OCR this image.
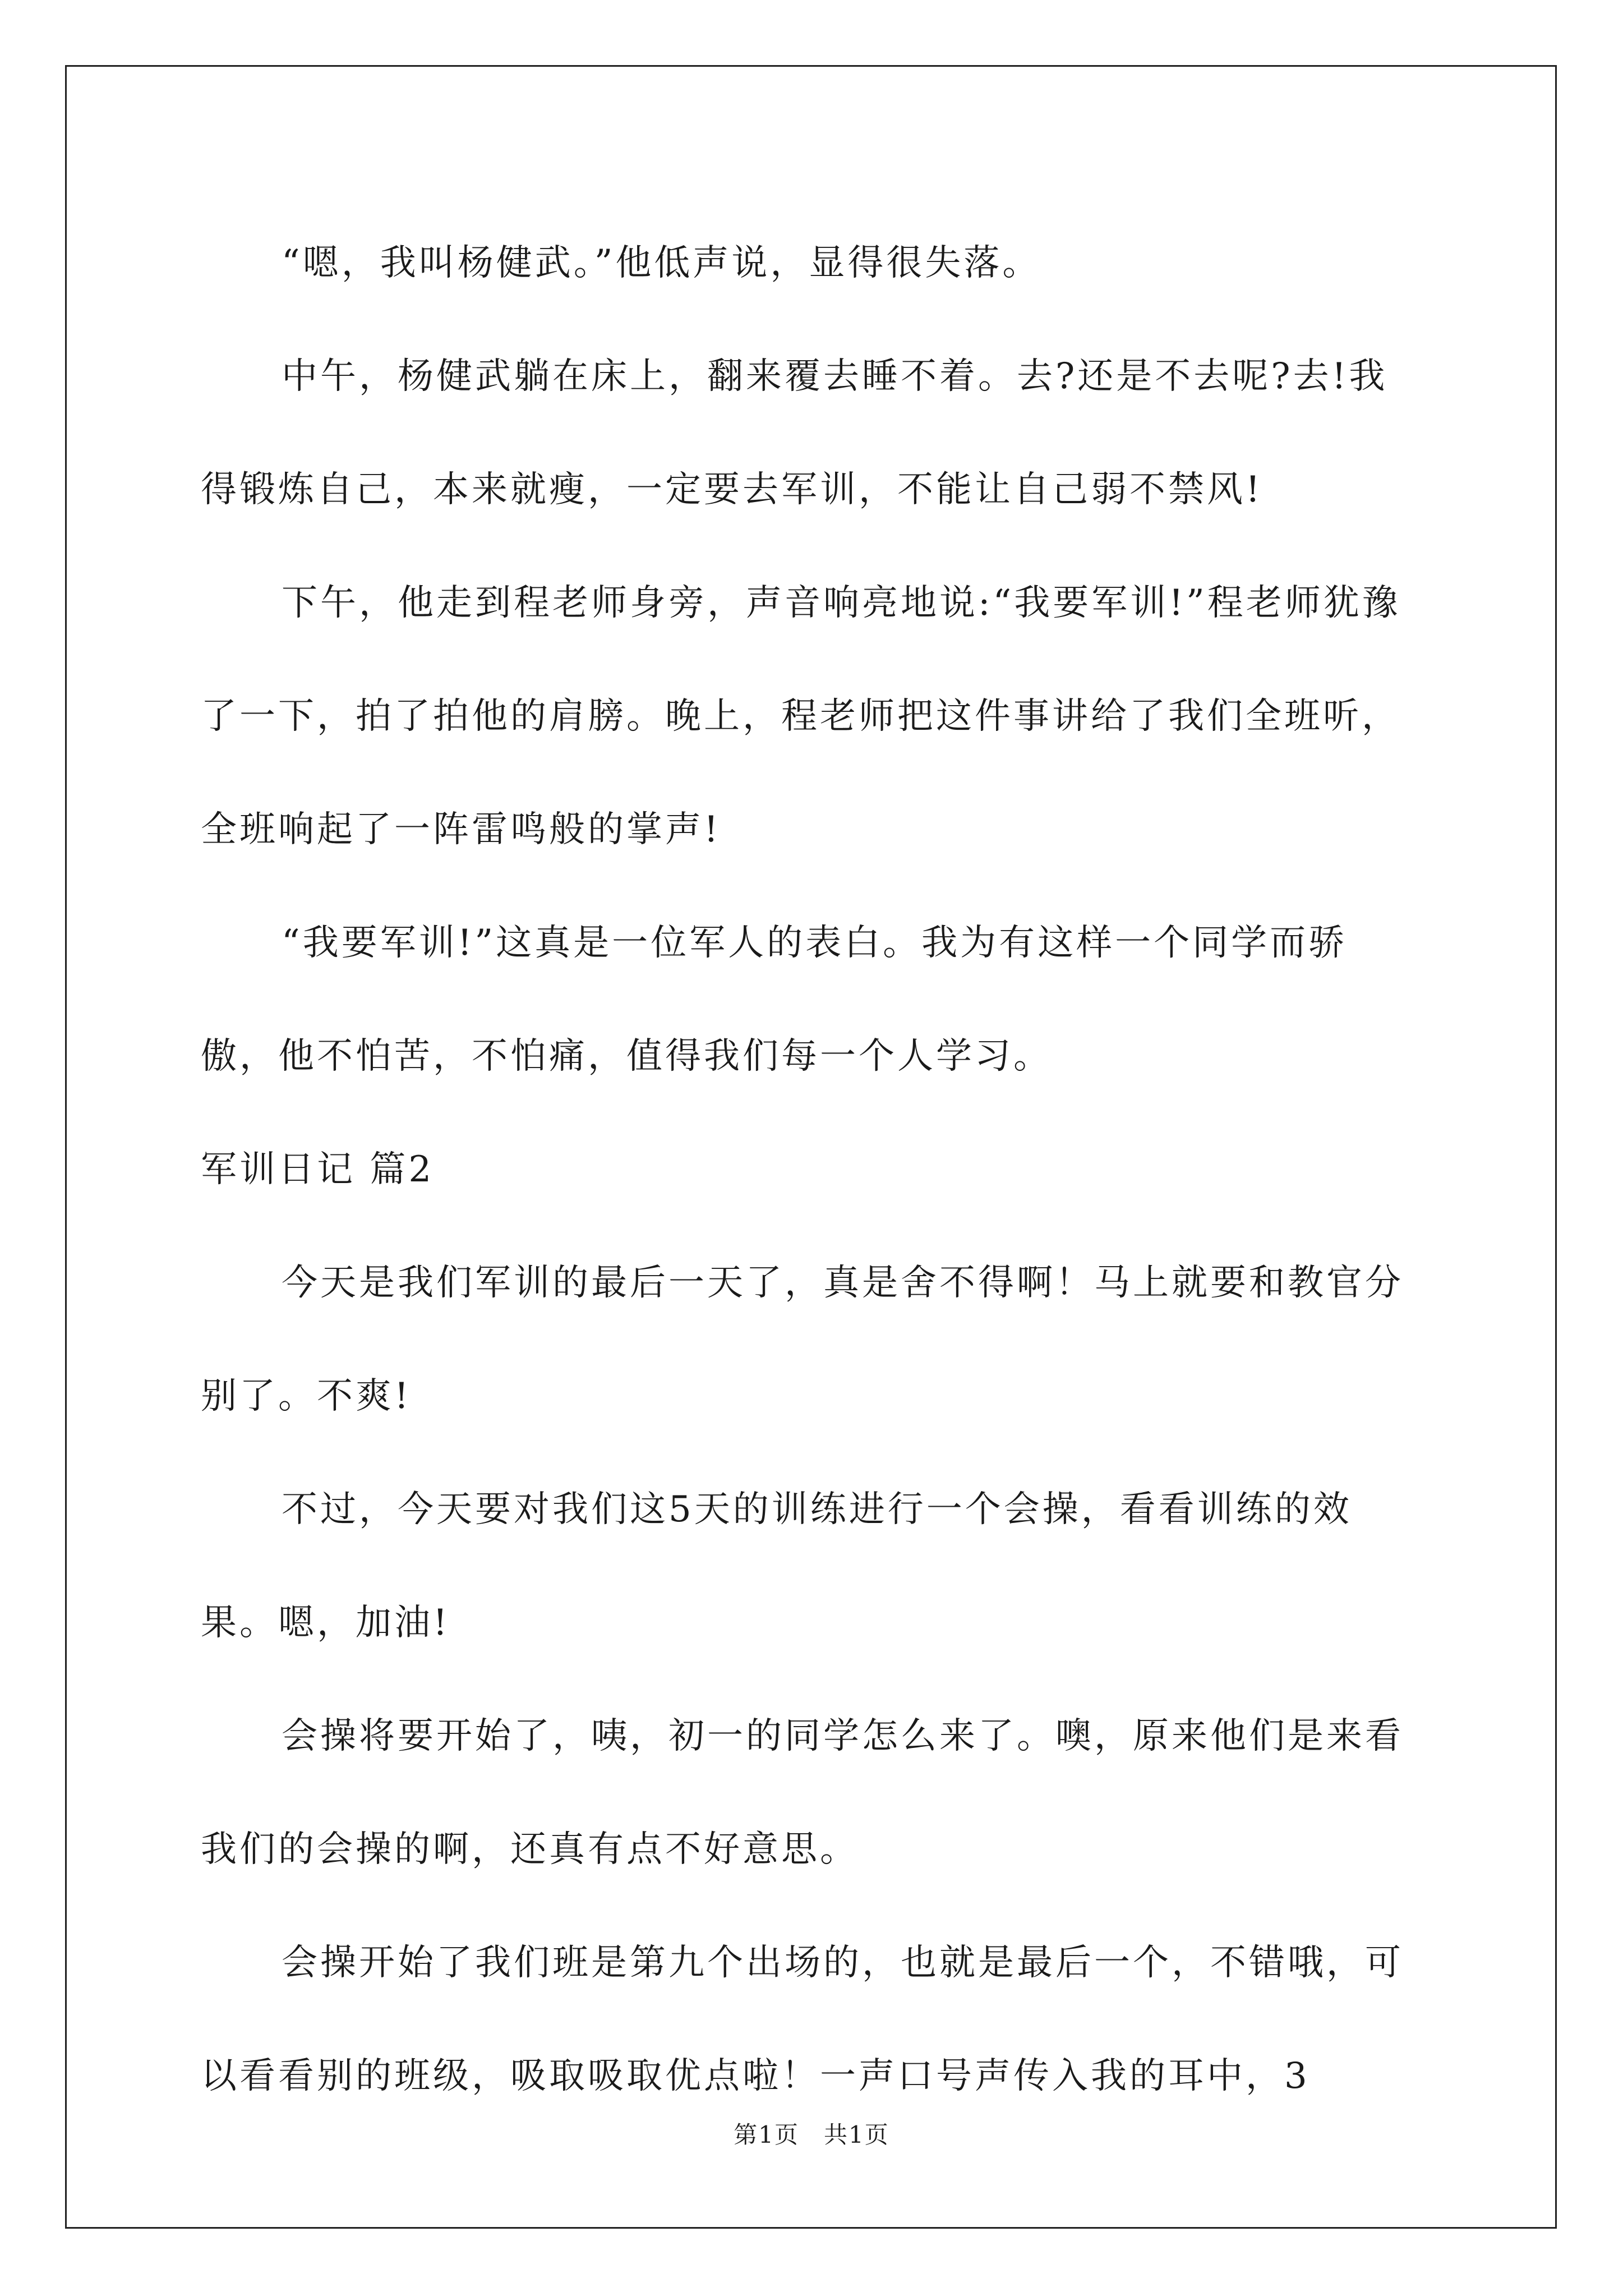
“嗯，我叫杨健武。”他低声说，显得很失落。

中午，杨健武躺在床上，翻来覆去睡不着。去?还是不去呢?去!我得锻炼自己，本来就瘦，一定要去军训，不能让自己弱不禁风!

下午，他走到程老师身旁，声音响亮地说:“我要军训!”程老师犹豫了一下，拍了拍他的肩膀。晚上，程老师把这件事讲给了我们全班听，全班响起了一阵雷鸣般的掌声!

“我要军训!”这真是一位军人的表白。我为有这样一个同学而骄傲，他不怕苦，不怕痛，值得我们每一个人学习。

军训日记 篇2

今天是我们军训的最后一天了，真是舍不得啊！马上就要和教官分别了。不爽!

不过，今天要对我们这5天的训练进行一个会操，看看训练的效果。嗯，加油!

会操将要开始了，咦，初一的同学怎么来了。噢，原来他们是来看我们的会操的啊，还真有点不好意思。

会操开始了我们班是第九个出场的，也就是最后一个，不错哦，可以看看别的班级，吸取吸取优点啦！一声口号声传入我的耳中，3

第1页　共1页
